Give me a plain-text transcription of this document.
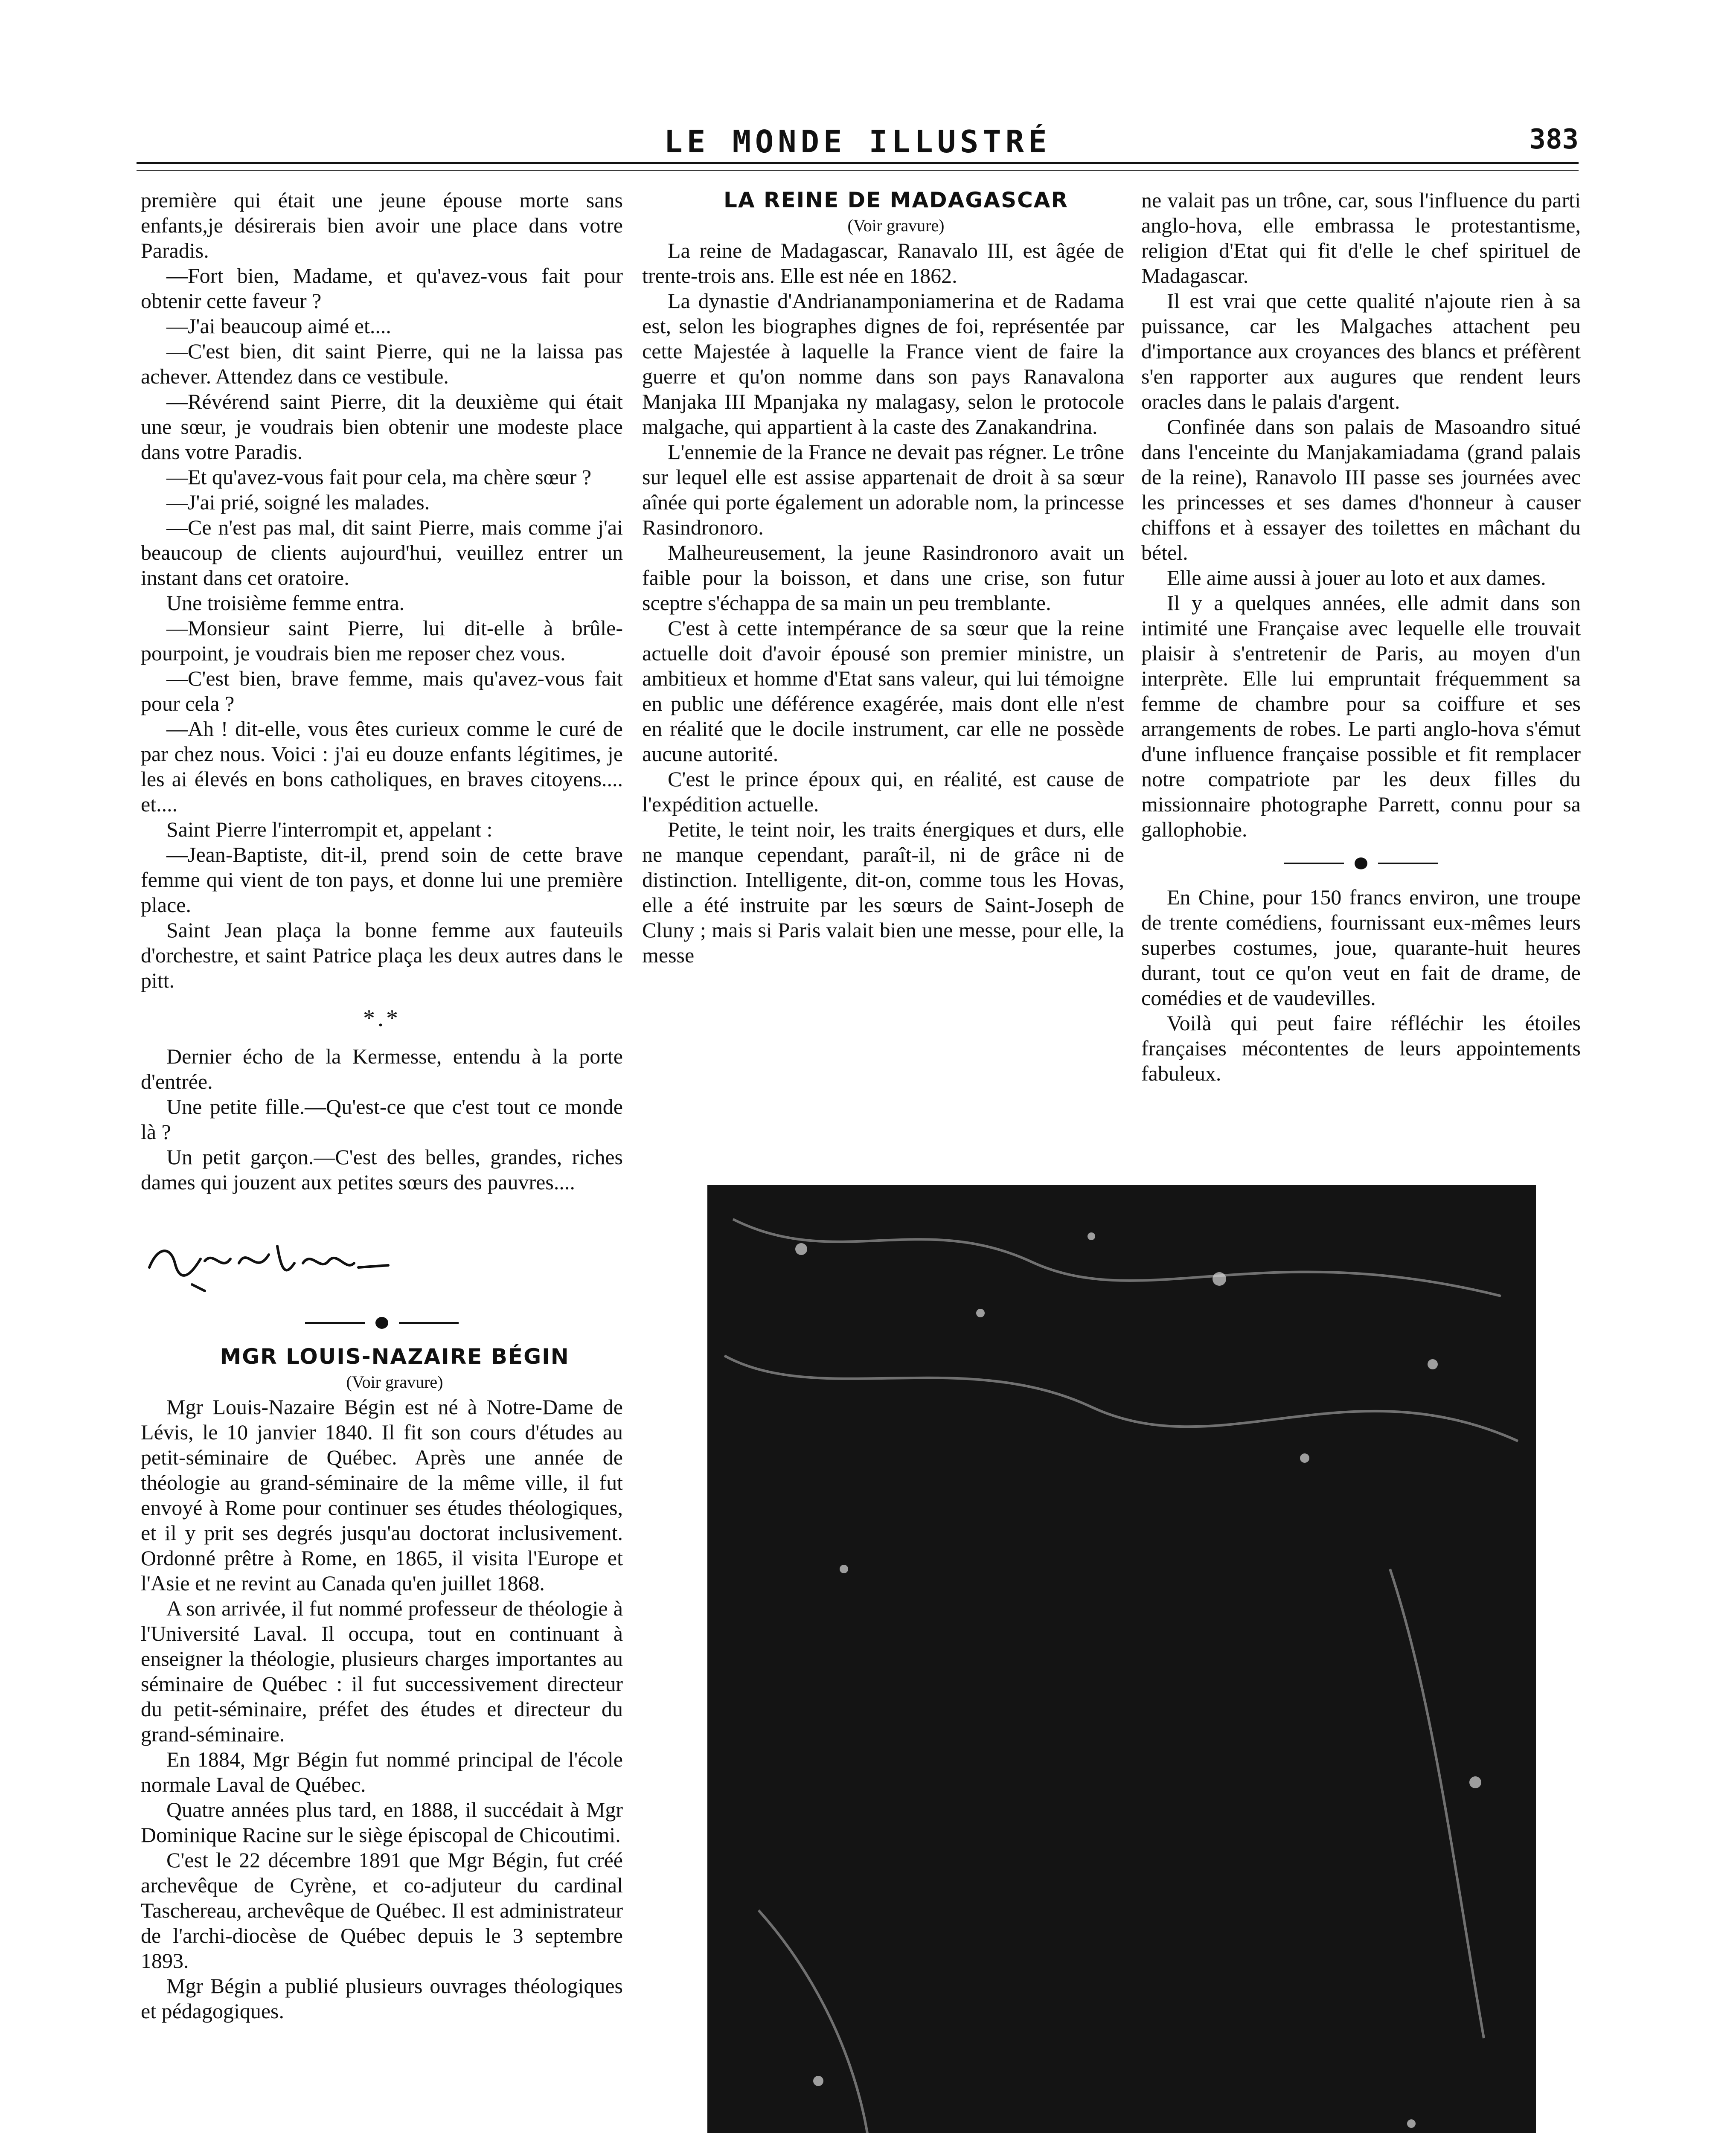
LE MONDE ILLUSTRÉ	383

première qui était une jeune épouse morte sans enfants,je désirerais bien avoir une place dans votre Paradis.

—Fort bien, Madame, et qu'avez-vous fait pour obtenir cette faveur ?

—J'ai beaucoup aimé et....

—C'est bien, dit saint Pierre, qui ne la laissa pas achever. Attendez dans ce vestibule.

—Révérend saint Pierre, dit la deuxième qui était une sœur, je voudrais bien obtenir une modeste place dans votre Paradis.

—Et qu'avez-vous fait pour cela, ma chère sœur ?

—J'ai prié, soigné les malades.

—Ce n'est pas mal, dit saint Pierre, mais comme j'ai beaucoup de clients aujourd'hui, veuillez entrer un instant dans cet oratoire.

Une troisième femme entra.

—Monsieur saint Pierre, lui dit-elle à brûle-pourpoint, je voudrais bien me reposer chez vous.

—C'est bien, brave femme, mais qu'avez-vous fait pour cela ?

—Ah ! dit-elle, vous êtes curieux comme le curé de par chez nous. Voici : j'ai eu douze enfants légitimes, je les ai élevés en bons catholiques, en braves citoyens.... et....

Saint Pierre l'interrompit et, appelant :

—Jean-Baptiste, dit-il, prend soin de cette brave femme qui vient de ton pays, et donne lui une première place.

Saint Jean plaça la bonne femme aux fauteuils d'orchestre, et saint Patrice plaça les deux autres dans le pitt.

*.*

Dernier écho de la Kermesse, entendu à la porte d'entrée.

Une petite fille.—Qu'est-ce que c'est tout ce monde là ?

Un petit garçon.—C'est des belles, grandes, riches dames qui jouzent aux petites sœurs des pauvres....

MGR LOUIS-NAZAIRE BÉGIN

(Voir gravure)

Mgr Louis-Nazaire Bégin est né à Notre-Dame de Lévis, le 10 janvier 1840. Il fit son cours d'études au petit-séminaire de Québec. Après une année de théologie au grand-séminaire de la même ville, il fut envoyé à Rome pour continuer ses études théologiques, et il y prit ses degrés jusqu'au doctorat inclusivement. Ordonné prêtre à Rome, en 1865, il visita l'Europe et l'Asie et ne revint au Canada qu'en juillet 1868.

A son arrivée, il fut nommé professeur de théologie à l'Université Laval. Il occupa, tout en continuant à enseigner la théologie, plusieurs charges importantes au séminaire de Québec : il fut successivement directeur du petit-séminaire, préfet des études et directeur du grand-séminaire.

En 1884, Mgr Bégin fut nommé principal de l'école normale Laval de Québec.

Quatre années plus tard, en 1888, il succédait à Mgr Dominique Racine sur le siège épiscopal de Chicoutimi.

C'est le 22 décembre 1891 que Mgr Bégin, fut créé archevêque de Cyrène, et co-adjuteur du cardinal Taschereau, archevêque de Québec. Il est administrateur de l'archi-diocèse de Québec depuis le 3 septembre 1893.

Mgr Bégin a publié plusieurs ouvrages théologiques et pédagogiques.

LA REINE DE MADAGASCAR

(Voir gravure)

La reine de Madagascar, Ranavalo III, est âgée de trente-trois ans. Elle est née en 1862.

La dynastie d'Andrianamponiamerina et de Radama est, selon les biographes dignes de foi, représentée par cette Majestée à laquelle la France vient de faire la guerre et qu'on nomme dans son pays Ranavalona Manjaka III Mpanjaka ny malagasy, selon le protocole malgache, qui appartient à la caste des Zanakandrina.

L'ennemie de la France ne devait pas régner. Le trône sur lequel elle est assise appartenait de droit à sa sœur aînée qui porte également un adorable nom, la princesse Rasindronoro.

Malheureusement, la jeune Rasindronoro avait un faible pour la boisson, et dans une crise, son futur sceptre s'échappa de sa main un peu tremblante.

C'est à cette intempérance de sa sœur que la reine actuelle doit d'avoir épousé son premier ministre, un ambitieux et homme d'Etat sans valeur, qui lui témoigne en public une déférence exagérée, mais dont elle n'est en réalité que le docile instrument, car elle ne possède aucune autorité.

C'est le prince époux qui, en réalité, est cause de l'expédition actuelle.

Petite, le teint noir, les traits énergiques et durs, elle ne manque cependant, paraît-il, ni de grâce ni de distinction. Intelligente, dit-on, comme tous les Hovas, elle a été instruite par les sœurs de Saint-Joseph de Cluny ; mais si Paris valait bien une messe, pour elle, la messe

ne valait pas un trône, car, sous l'influence du parti anglo-hova, elle embrassa le protestantisme, religion d'Etat qui fit d'elle le chef spirituel de Madagascar.

Il est vrai que cette qualité n'ajoute rien à sa puissance, car les Malgaches attachent peu d'importance aux croyances des blancs et préfèrent s'en rapporter aux augures que rendent leurs oracles dans le palais d'argent.

Confinée dans son palais de Masoandro situé dans l'enceinte du Manjakamiadama (grand palais de la reine), Ranavolo III passe ses journées avec les princesses et ses dames d'honneur à causer chiffons et à essayer des toilettes en mâchant du bétel.

Elle aime aussi à jouer au loto et aux dames.

Il y a quelques années, elle admit dans son intimité une Française avec lequelle elle trouvait plaisir à s'entretenir de Paris, au moyen d'un interprète. Elle lui empruntait fréquemment sa femme de chambre pour sa coiffure et ses arrangements de robes. Le parti anglo-hova s'émut d'une influence française possible et fit remplacer notre compatriote par les deux filles du missionnaire photographe Parrett, connu pour sa gallophobie.

En Chine, pour 150 francs environ, une troupe de trente comédiens, fournissant eux-mêmes leurs superbes costumes, joue, quarante-huit heures durant, tout ce qu'on veut en fait de drame, de comédies et de vaudevilles.

Voilà qui peut faire réfléchir les étoiles françaises mécontentes de leurs appointements fabuleux.
